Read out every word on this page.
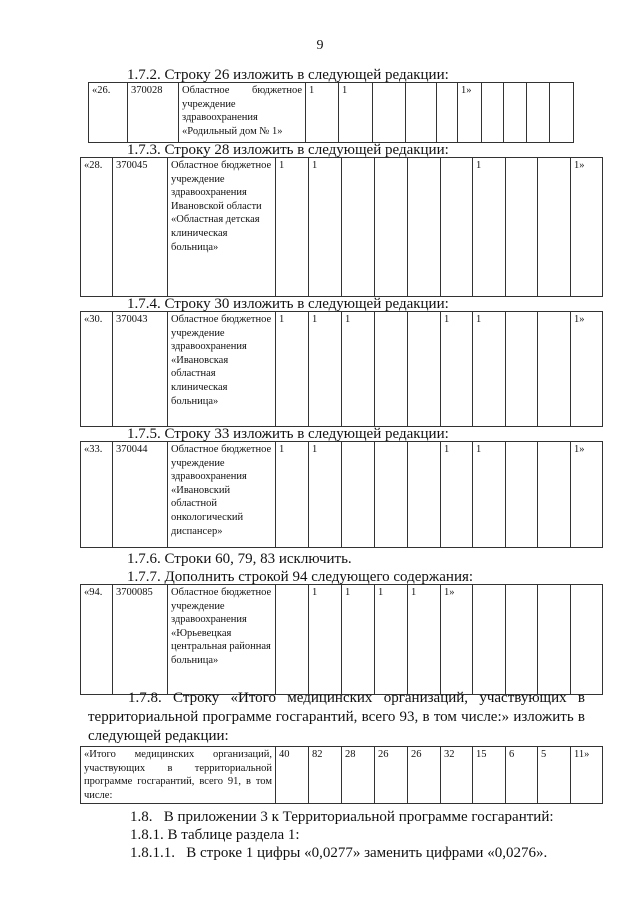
9
1.7.2. Строку 26 изложить в следующей редакции:
«26.	370028	Областное бюджетное учреждение здравоохранения «Родильный дом № 1»	1	1				1»				
1.7.3. Строку 28 изложить в следующей редакции:
«28.	370045	Областное бюджетное учреждение здравоохранения Ивановской области «Областная детская клиническая больница»	1	1					1			1»
1.7.4. Строку 30 изложить в следующей редакции:
«30.	370043	Областное бюджетное учреждение здравоохранения «Ивановская областная клиническая больница»	1	1	1			1	1			1»
1.7.5. Строку 33 изложить в следующей редакции:
«33.	370044	Областное бюджетное учреждение здравоохранения «Ивановский областной онкологический диспансер»	1	1				1	1			1»
1.7.6. Строки 60, 79, 83 исключить.
1.7.7. Дополнить строкой 94 следующего содержания:
«94.	3700085	Областное бюджетное учреждение здравоохранения «Юрьевецкая центральная районная больница»		1	1	1	1	1»				
1.7.8. Строку «Итого медицинских организаций, участвующих в территориальной программе госгарантий, всего 93, в том числе:» изложить в следующей редакции:
«Итого медицинских организаций, участвующих в территориальной программе госгарантий, всего 91, в том числе:	40	82	28	26	26	32	15	6	5	11»
1.8.   В приложении 3 к Территориальной программе госгарантий:
1.8.1. В таблице раздела 1:
1.8.1.1.   В строке 1 цифры «0,0277» заменить цифрами «0,0276».
